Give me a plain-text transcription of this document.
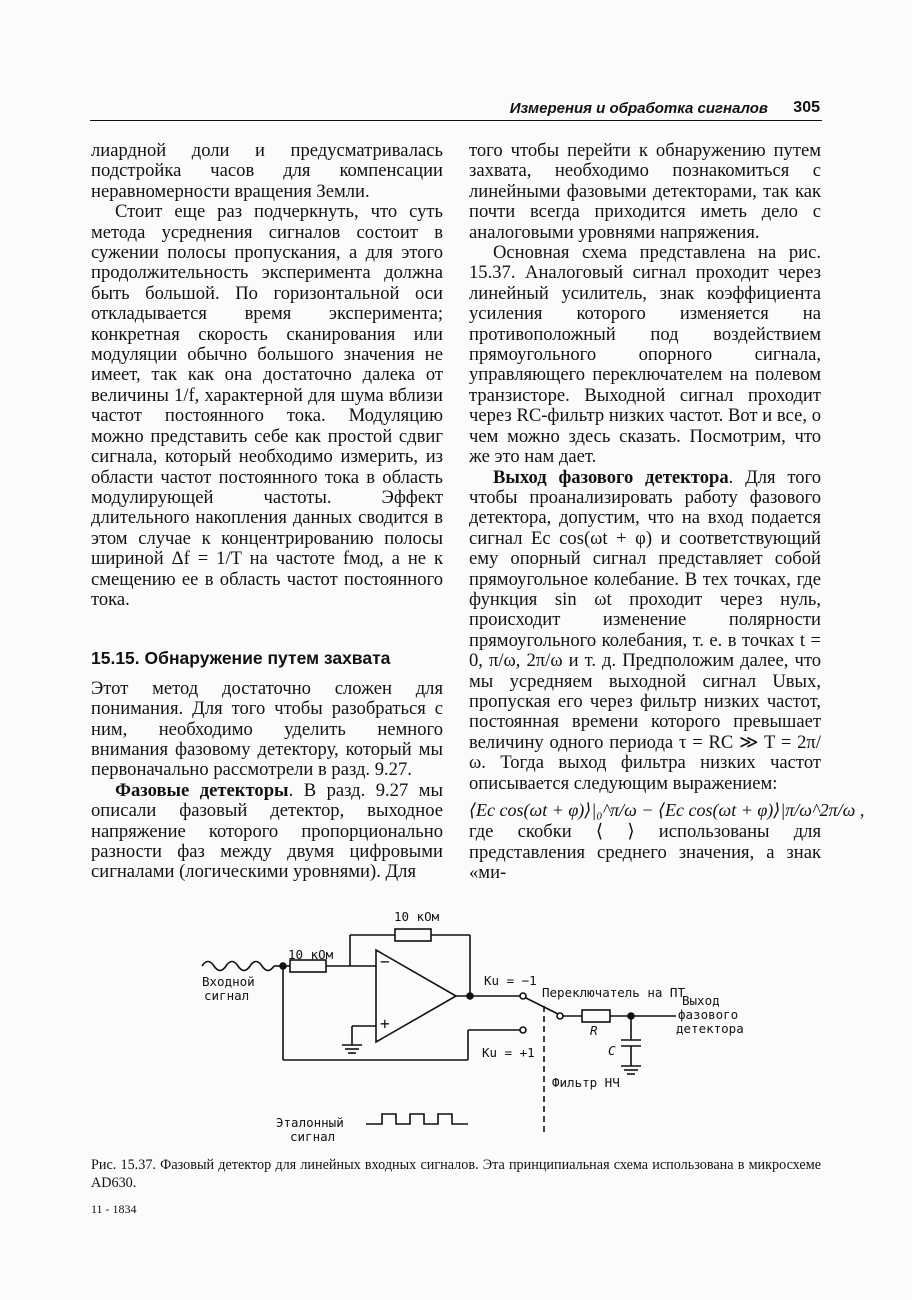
Измерения и обработка сигналов 305

лиардной доли и предусматривалась подстройка часов для компенсации неравномерности вращения Земли.

Стоит еще раз подчеркнуть, что суть метода усреднения сигналов состоит в сужении полосы пропускания, а для этого продолжительность эксперимента должна быть большой. По горизонтальной оси откладывается время эксперимента; конкретная скорость сканирования или модуляции обычно большого значения не имеет, так как она достаточно далека от величины 1/f, характерной для шума вблизи частот постоянного тока. Модуляцию можно представить себе как простой сдвиг сигнала, который необходимо измерить, из области частот постоянного тока в область модулирующей частоты. Эффект длительного накопления данных сводится в этом случае к концентрированию полосы шириной Δf = 1/T на частоте fмод, а не к смещению ее в область частот постоянного тока.

15.15. Обнаружение путем захвата

Этот метод достаточно сложен для понимания. Для того чтобы разобраться с ним, необходимо уделить немного внимания фазовому детектору, который мы первоначально рассмотрели в разд. 9.27.

Фазовые детекторы. В разд. 9.27 мы описали фазовый детектор, выходное напряжение которого пропорционально разности фаз между двумя цифровыми сигналами (логическими уровнями). Для

того чтобы перейти к обнаружению путем захвата, необходимо познакомиться с линейными фазовыми детекторами, так как почти всегда приходится иметь дело с аналоговыми уровнями напряжения.

Основная схема представлена на рис. 15.37. Аналоговый сигнал проходит через линейный усилитель, знак коэффициента усиления которого изменяется на противоположный под воздействием прямоугольного опорного сигнала, управляющего переключателем на полевом транзисторе. Выходной сигнал проходит через RC-фильтр низких частот. Вот и все, о чем можно здесь сказать. Посмотрим, что же это нам дает.

Выход фазового детектора. Для того чтобы проанализировать работу фазового детектора, допустим, что на вход подается сигнал Ec cos(ωt + φ) и соответствующий ему опорный сигнал представляет собой прямоугольное колебание. В тех точках, где функция sin ωt проходит через нуль, происходит изменение полярности прямоугольного колебания, т. е. в точках t = 0, π/ω, 2π/ω и т. д. Предположим далее, что мы усредняем выходной сигнал Uвых, пропуская его через фильтр низких частот, постоянная времени которого превышает величину одного периода τ = RC ≫ T = 2π/ω. Тогда выход фильтра низких частот описывается следующим выражением:

⟨Ec cos(ωt + φ)⟩|₀^π/ω − ⟨Ec cos(ωt + φ)⟩|π/ω^2π/ω ,

где скобки ⟨ ⟩ использованы для представления среднего значения, а знак «ми-

10 кОм
10 кОм
Входной
сигнал
−
+
Ku = −1
Ku = +1
Переключатель на ПТ
Выход
фазового
детектора
R
C
Фильтр НЧ
Эталонный
сигнал
Рис. 15.37. Фазовый детектор для линейных входных сигналов. Эта принципиальная схема использована в микросхеме AD630.
11 - 1834
